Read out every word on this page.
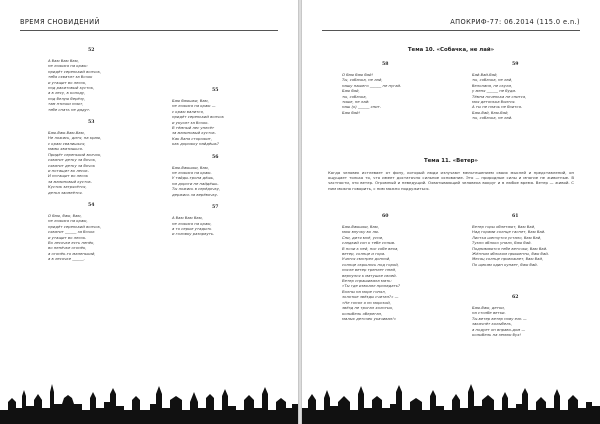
ВРЕМЯ СНОВИДЕНИЙ
52
А баю баю баю,
не ложися на краю:
придёт серенький волчок,
тебя схватит за бочок
и утащит во лесок,
под ракитовый кусток,
а в лесу, в колоду,
под белую берёзу,
там птички поют,
тебе спать не дадут.
53
Баю-баю-баю-баю,
Не ложись, дитя, на краю,
с краю свалишься,
мамы хватишься.
Придёт серенький волчок,
схватит детку за бочок,
схватит детку за бочок
и потащит во лесок.
И потащит во лесок
за малиновый кусток.
Кустик затрясётся,
детка засмеётся.
54
О баю, баю, баю,
не ложися на краю,
придёт серенький волчок,
схватит ______ за бочок
и утащит во лесок.
Во лесочке есть пенёк,
во пенёчке огонёк,
а огонёк-то маленький,
а в лесочке ______.
55
Баю баюшки, баю,
не ложися на краю —
с краю валится,
придёт серенький волчок
и укусит за бочок.
В тёмный лес унесёт
за малиновый кусток.
Как Ваня сторожит,
как дорожку найдёшь?
56
Баю-баюшки, баю,
не ложися на краю.
У тайды-тропа дёшь,
ни дороги не найдёшь.
Ты ложись в серёдочку,
держись за верёвочку.
57
А баю баю баю,
не ложися на краю,
а то серые утадыть
и головку разорвуть.
38
АПОКРИФ-77: 06.2014 (115.0 e.n.)
Тема 10. «Собачка, не лай»
58
О баю баю бай!
Ты, собачка, не лай,
нашу нашего ______ не пугай.
Баю бай,
ты, собачка,
тише, не лай:
наш (о) ______ спит.
Баю бай!
59
Бай-бай-бай,
ты, собачка, не лай,
белолапа, не скули,
у меня ______ не буди.
Тёмна ноченька не спится,
моя детонька боится.
А ты не плачь не боится.
Баю-бай, баю-бай,
ты, собачка, не лай.
Тема 11. «Ветер»
Когда человек истлевает от фону, который люди излучают мельтешением своих мыслей и представлений, он ощущает только то, что имеет достаточно сильное основание. Это — природные силы и многие не животные. В частности, это ветер. Огромный и неведущий. Охватывающий человека вокруг и в любое время. Ветер — живой. С ним можно говорить, с ним можно подружиться.
60
Баю-баюшки, баю,
мою внучку во лю.
Спи, дитя моё, усни,
сладкий сон к тебе сплыв.
В ночи к ней, нос собе веха,
ветер, солнце и гора.
Учатся смотрел донной,
солнце скрылось под горой,
после ветер треплет пней,
вернулся к матушке своей.
Ветер спрашивала мать:
«Ты где изволил пропадать?
Волны на море гонял,
золотые звёзды считал?» —
«Не гонял я по морской,
звёзд не трогал холотых,
колыбель оберегал,
малых деточек укачивал!»
61
Ветер горы облетают, баю бай,
Над горами солнце гаснет, баю бай.
Листья шепчутся устало, баю бай,
Тукно яблоко упало, баю бай.
Поднимаются тебе веточки, баю бай.
Жёлтым яблоком пришепты, баю бай.
Месяц солнце провожает, баю бай,
По щекам один купает, баю бай.
62
Баю-баю, детки,
на столбе ветки.
Ты-ветер ветер нову ель —
закачнёт колыбель,
а подует он вправо-дом —
колыбель на землю бух!
39
